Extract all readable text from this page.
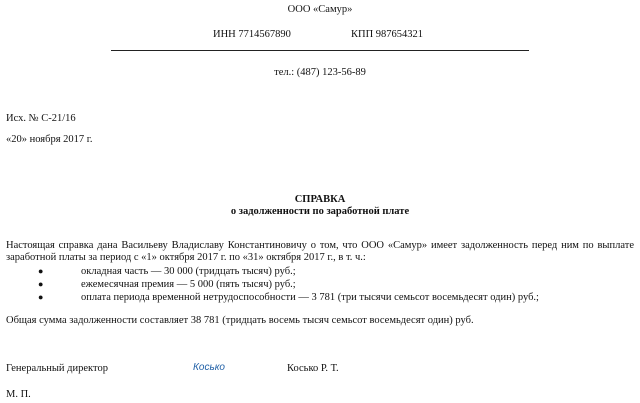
ООО «Самур»
ИНН 7714567890	КПП 987654321
тел.: (487) 123-56-89
Исх. № С-21/16
«20» ноября 2017 г.
СПРАВКА
о задолженности по заработной плате
Настоящая справка дана Васильеву Владиславу Константиновичу о том, что ООО «Самур» имеет задолженность перед ним по выплате
заработной платы за период с «1» октября 2017 г. по «31» октября 2017 г., в т. ч.:
●	окладная часть — 30 000 (тридцать тысяч) руб.;
●	ежемесячная премия — 5 000 (пять тысяч) руб.;
●	оплата периода временной нетрудоспособности — 3 781 (три тысячи семьсот восемьдесят один) руб.;
Общая сумма задолженности составляет 38 781 (тридцать восемь тысяч семьсот восемьдесят один) руб.
Генеральный директор	Косько	Косько Р. Т.
М. П.
